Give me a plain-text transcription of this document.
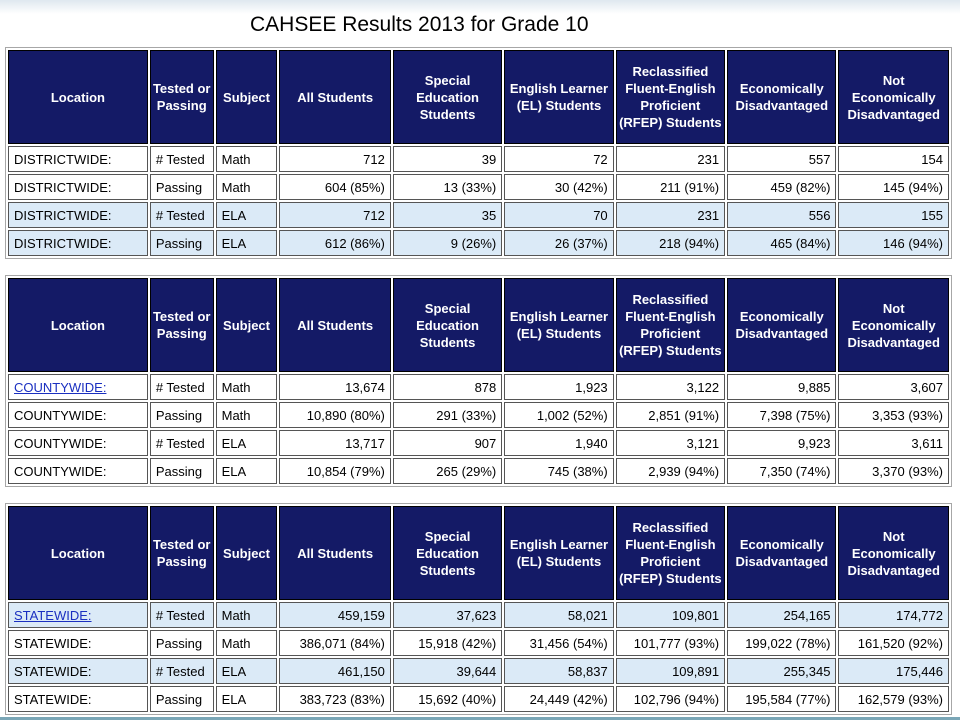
CAHSEE Results 2013 for Grade 10
Location	Tested or Passing	Subject	All Students	Special Education Students	English Learner (EL) Students	Reclassified Fluent-English Proficient (RFEP) Students	Economically Disadvantaged	Not Economically Disadvantaged
DISTRICTWIDE:	# Tested	Math	712	39	72	231	557	154
DISTRICTWIDE:	Passing	Math	604 (85%)	13 (33%)	30 (42%)	211 (91%)	459 (82%)	145 (94%)
DISTRICTWIDE:	# Tested	ELA	712	35	70	231	556	155
DISTRICTWIDE:	Passing	ELA	612 (86%)	9 (26%)	26 (37%)	218 (94%)	465 (84%)	146 (94%)
Location	Tested or Passing	Subject	All Students	Special Education Students	English Learner (EL) Students	Reclassified Fluent-English Proficient (RFEP) Students	Economically Disadvantaged	Not Economically Disadvantaged
COUNTYWIDE:	# Tested	Math	13,674	878	1,923	3,122	9,885	3,607
COUNTYWIDE:	Passing	Math	10,890 (80%)	291 (33%)	1,002 (52%)	2,851 (91%)	7,398 (75%)	3,353 (93%)
COUNTYWIDE:	# Tested	ELA	13,717	907	1,940	3,121	9,923	3,611
COUNTYWIDE:	Passing	ELA	10,854 (79%)	265 (29%)	745 (38%)	2,939 (94%)	7,350 (74%)	3,370 (93%)
Location	Tested or Passing	Subject	All Students	Special Education Students	English Learner (EL) Students	Reclassified Fluent-English Proficient (RFEP) Students	Economically Disadvantaged	Not Economically Disadvantaged
STATEWIDE:	# Tested	Math	459,159	37,623	58,021	109,801	254,165	174,772
STATEWIDE:	Passing	Math	386,071 (84%)	15,918 (42%)	31,456 (54%)	101,777 (93%)	199,022 (78%)	161,520 (92%)
STATEWIDE:	# Tested	ELA	461,150	39,644	58,837	109,891	255,345	175,446
STATEWIDE:	Passing	ELA	383,723 (83%)	15,692 (40%)	24,449 (42%)	102,796 (94%)	195,584 (77%)	162,579 (93%)
